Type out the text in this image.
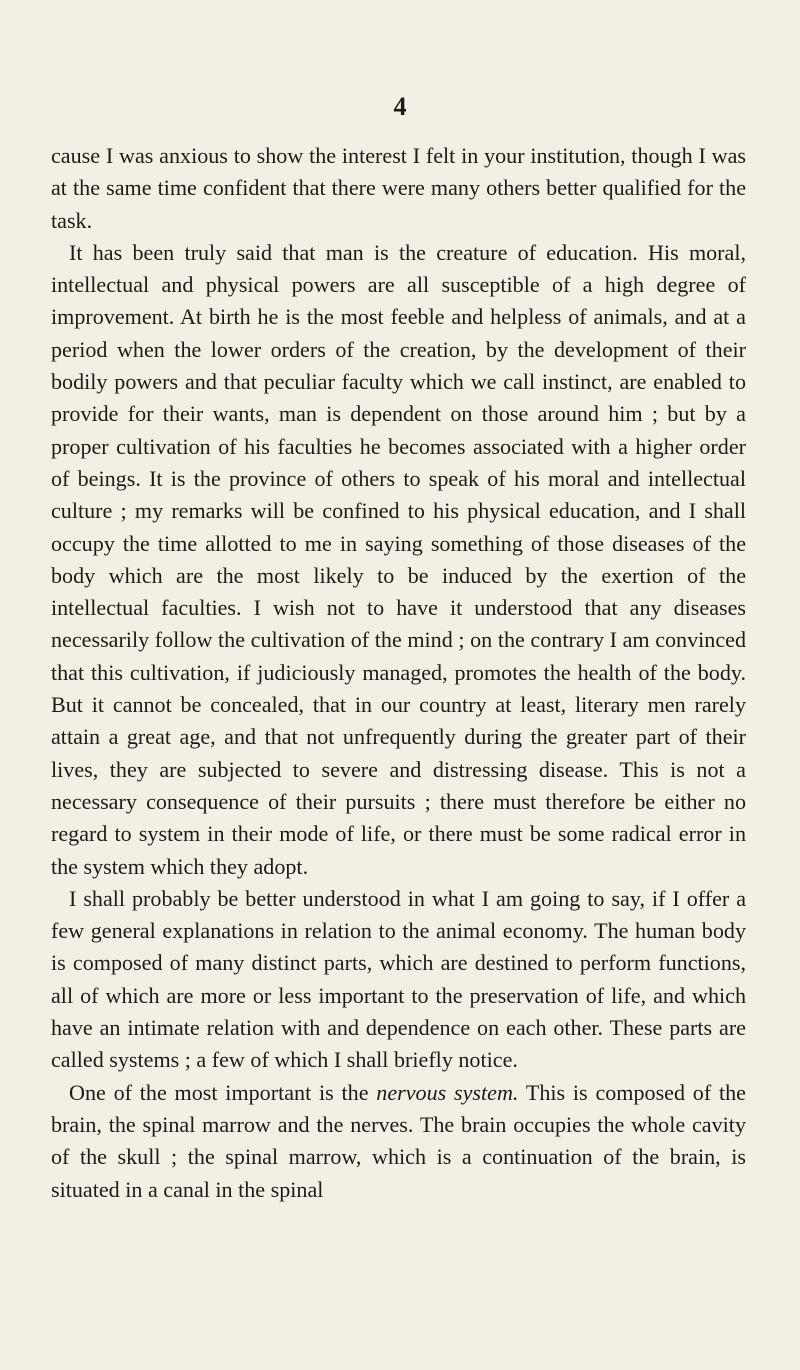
4

cause I was anxious to show the interest I felt in your institution, though I was at the same time confident that there were many others better qualified for the task.

It has been truly said that man is the creature of education. His moral, intellectual and physical powers are all susceptible of a high degree of improvement. At birth he is the most feeble and helpless of animals, and at a period when the lower orders of the creation, by the development of their bodily powers and that peculiar faculty which we call instinct, are enabled to provide for their wants, man is dependent on those around him ; but by a proper cultivation of his faculties he becomes associated with a higher order of beings. It is the province of others to speak of his moral and intellectual culture ; my remarks will be confined to his physical education, and I shall occupy the time allotted to me in saying something of those diseases of the body which are the most likely to be induced by the exertion of the intellectual faculties. I wish not to have it understood that any diseases necessarily follow the cultivation of the mind ; on the contrary I am convinced that this cultivation, if judiciously managed, promotes the health of the body. But it cannot be concealed, that in our country at least, literary men rarely attain a great age, and that not unfrequently during the greater part of their lives, they are subjected to severe and distressing disease. This is not a necessary consequence of their pursuits ; there must therefore be either no regard to system in their mode of life, or there must be some radical error in the system which they adopt.

I shall probably be better understood in what I am going to say, if I offer a few general explanations in relation to the animal economy. The human body is composed of many distinct parts, which are destined to perform functions, all of which are more or less important to the preservation of life, and which have an intimate relation with and dependence on each other. These parts are called systems ; a few of which I shall briefly notice.

One of the most important is the nervous system. This is composed of the brain, the spinal marrow and the nerves. The brain occupies the whole cavity of the skull ; the spinal marrow, which is a continuation of the brain, is situated in a canal in the spinal
